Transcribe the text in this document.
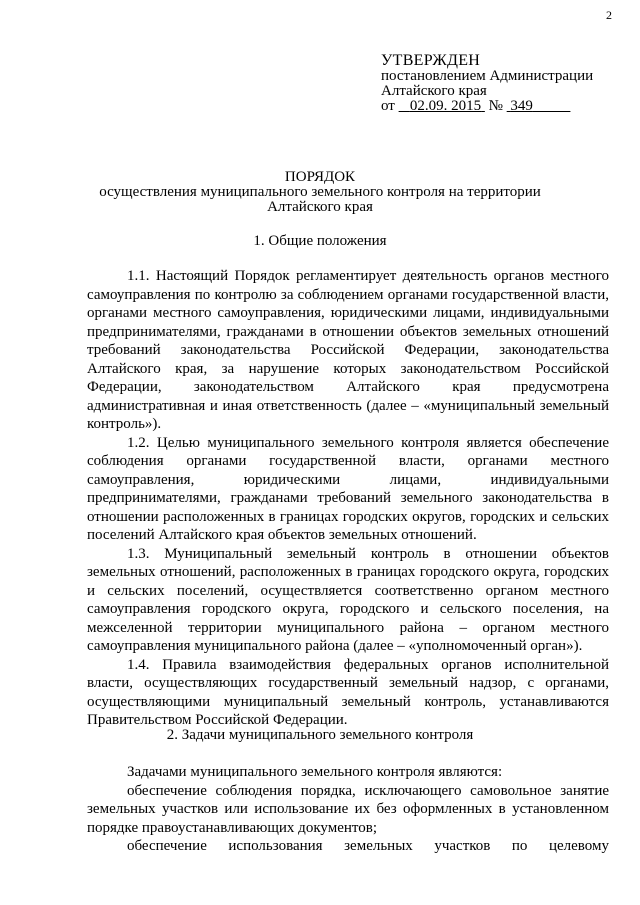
2
УТВЕРЖДЕН
постановлением Администрации
Алтайского края
от 02.09. 2015 № 349
ПОРЯДОК
осуществления муниципального земельного контроля на территории
Алтайского края
1. Общие положения

1.1. Настоящий Порядок регламентирует деятельность органов местного самоуправления по контролю за соблюдением органами государственной власти, органами местного самоуправления, юридическими лицами, индивидуальными предпринимателями, гражданами в отношении объектов земельных отношений требований законодательства Российской Федерации, законодательства Алтайского края, за нарушение которых законодательством Российской Федерации, законодательством Алтайского края предусмотрена административная и иная ответственность (далее – «муниципальный земельный контроль»).

1.2. Целью муниципального земельного контроля является обеспечение соблюдения органами государственной власти, органами местного самоуправления, юридическими лицами, индивидуальными предпринимателями, гражданами требований земельного законодательства в отношении расположенных в границах городских округов, городских и сельских поселений Алтайского края объектов земельных отношений.

1.3. Муниципальный земельный контроль в отношении объектов земельных отношений, расположенных в границах городского округа, городских и сельских поселений, осуществляется соответственно органом местного самоуправления городского округа, городского и сельского поселения, на межселенной территории муниципального района – органом местного самоуправления муниципального района (далее – «уполномоченный орган»).

1.4. Правила взаимодействия федеральных органов исполнительной власти, осуществляющих государственный земельный надзор, с органами, осуществляющими муниципальный земельный контроль, устанавливаются Правительством Российской Федерации.

2. Задачи муниципального земельного контроля

Задачами муниципального земельного контроля являются:

обеспечение соблюдения порядка, исключающего самовольное занятие земельных участков или использование их без оформленных в установленном порядке правоустанавливающих документов;

обеспечение использования земельных участков по целевому
